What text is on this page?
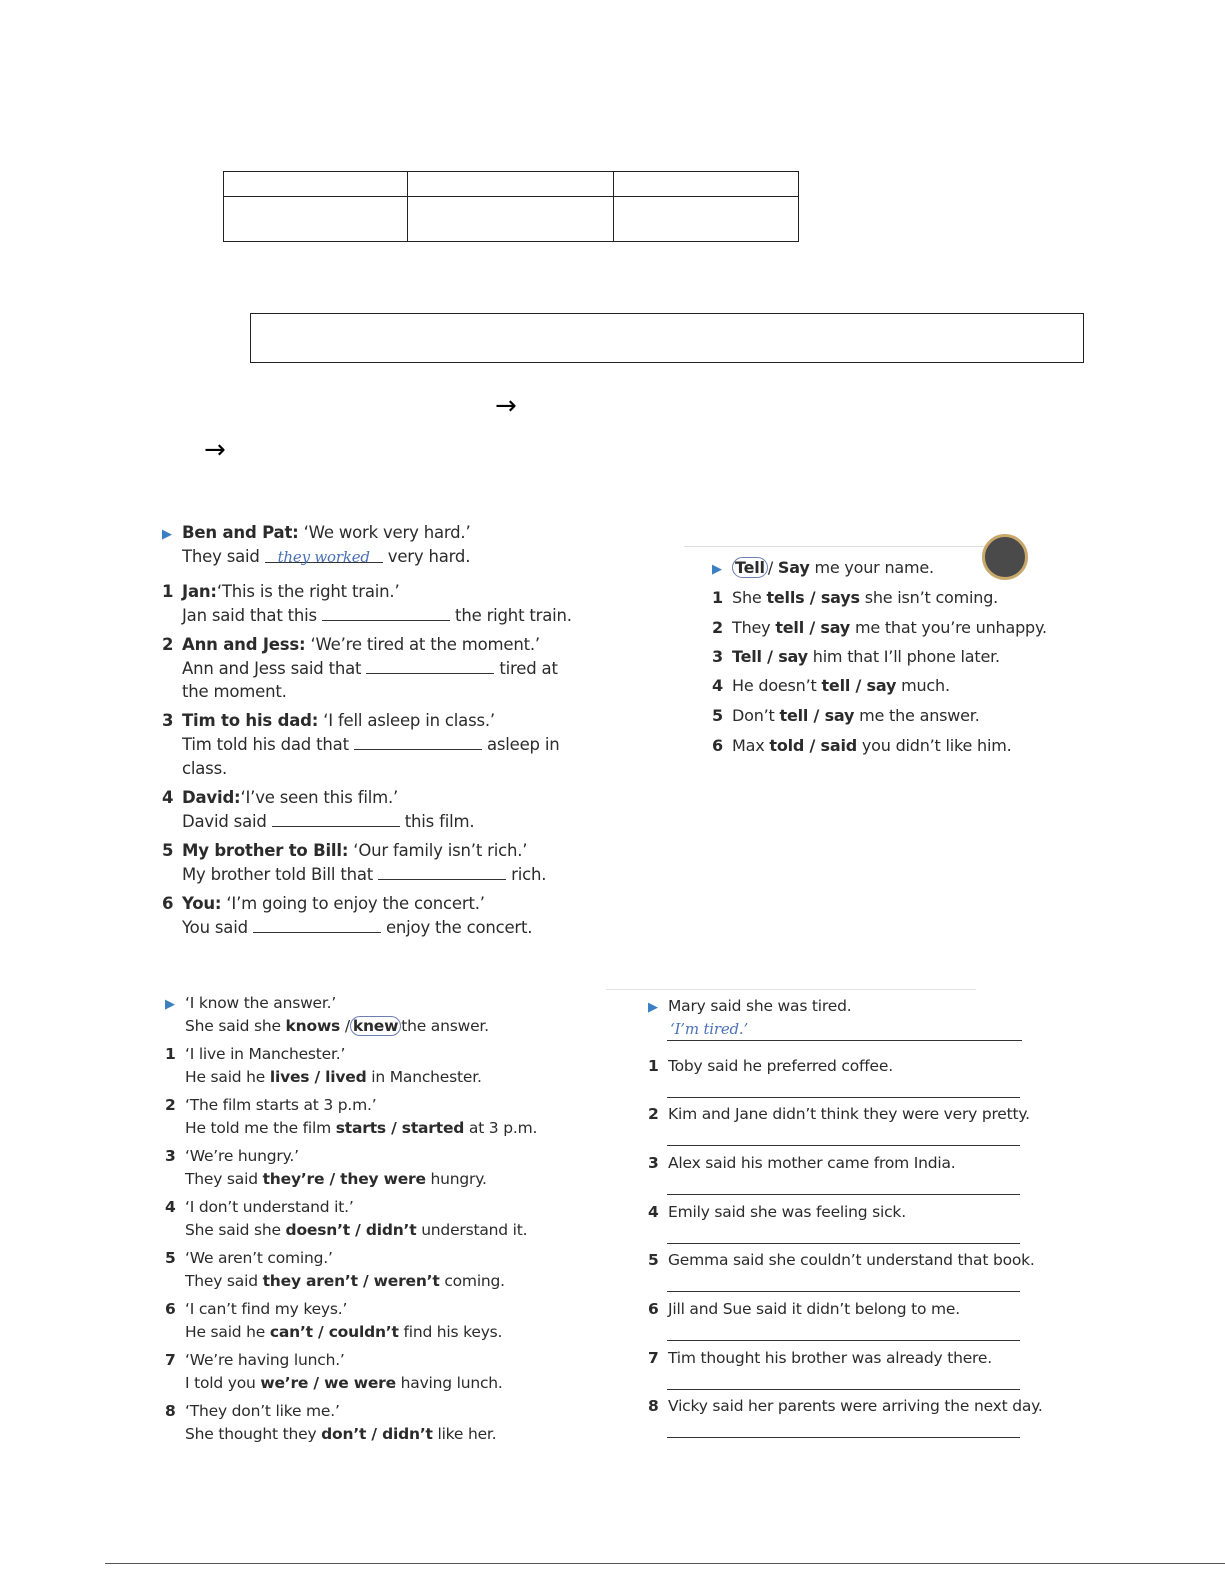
→
→
▶ Ben and Pat: ‘We work very hard.’
They said they worked very hard.
1 Jan:‘This is the right train.’
Jan said that this	the right train.
2 Ann and Jess: ‘We’re tired at the moment.’
Ann and Jess said that	tired at
the moment.
3 Tim to his dad: ‘I fell asleep in class.’
Tim told his dad that	asleep in
class.
4 David:‘I’ve seen this film.’
David said	this film.
5 My brother to Bill: ‘Our family isn’t rich.’
My brother told Bill that	rich.
6 You: ‘I’m going to enjoy the concert.’
You said	enjoy the concert.
▶ Tell / Say me your name.
1 She tells / says she isn’t coming.
2 They tell / say me that you’re unhappy.
3 Tell / say him that I’ll phone later.
4 He doesn’t tell / say much.
5 Don’t tell / say me the answer.
6 Max told / said you didn’t like him.
▶ ‘I know the answer.’
She said she knows / knew the answer.
1 ‘I live in Manchester.’
He said he lives / lived in Manchester.
2 ‘The film starts at 3 p.m.’
He told me the film starts / started at 3 p.m.
3 ‘We’re hungry.’
They said they’re / they were hungry.
4 ‘I don’t understand it.’
She said she doesn’t / didn’t understand it.
5 ‘We aren’t coming.’
They said they aren’t / weren’t coming.
6 ‘I can’t find my keys.’
He said he can’t / couldn’t find his keys.
7 ‘We’re having lunch.’
I told you we’re / we were having lunch.
8 ‘They don’t like me.’
She thought they don’t / didn’t like her.
▶ Mary said she was tired.
‘I’m tired.’
1 Toby said he preferred coffee.
2 Kim and Jane didn’t think they were very pretty.
3 Alex said his mother came from India.
4 Emily said she was feeling sick.
5 Gemma said she couldn’t understand that book.
6 Jill and Sue said it didn’t belong to me.
7 Tim thought his brother was already there.
8 Vicky said her parents were arriving the next day.
